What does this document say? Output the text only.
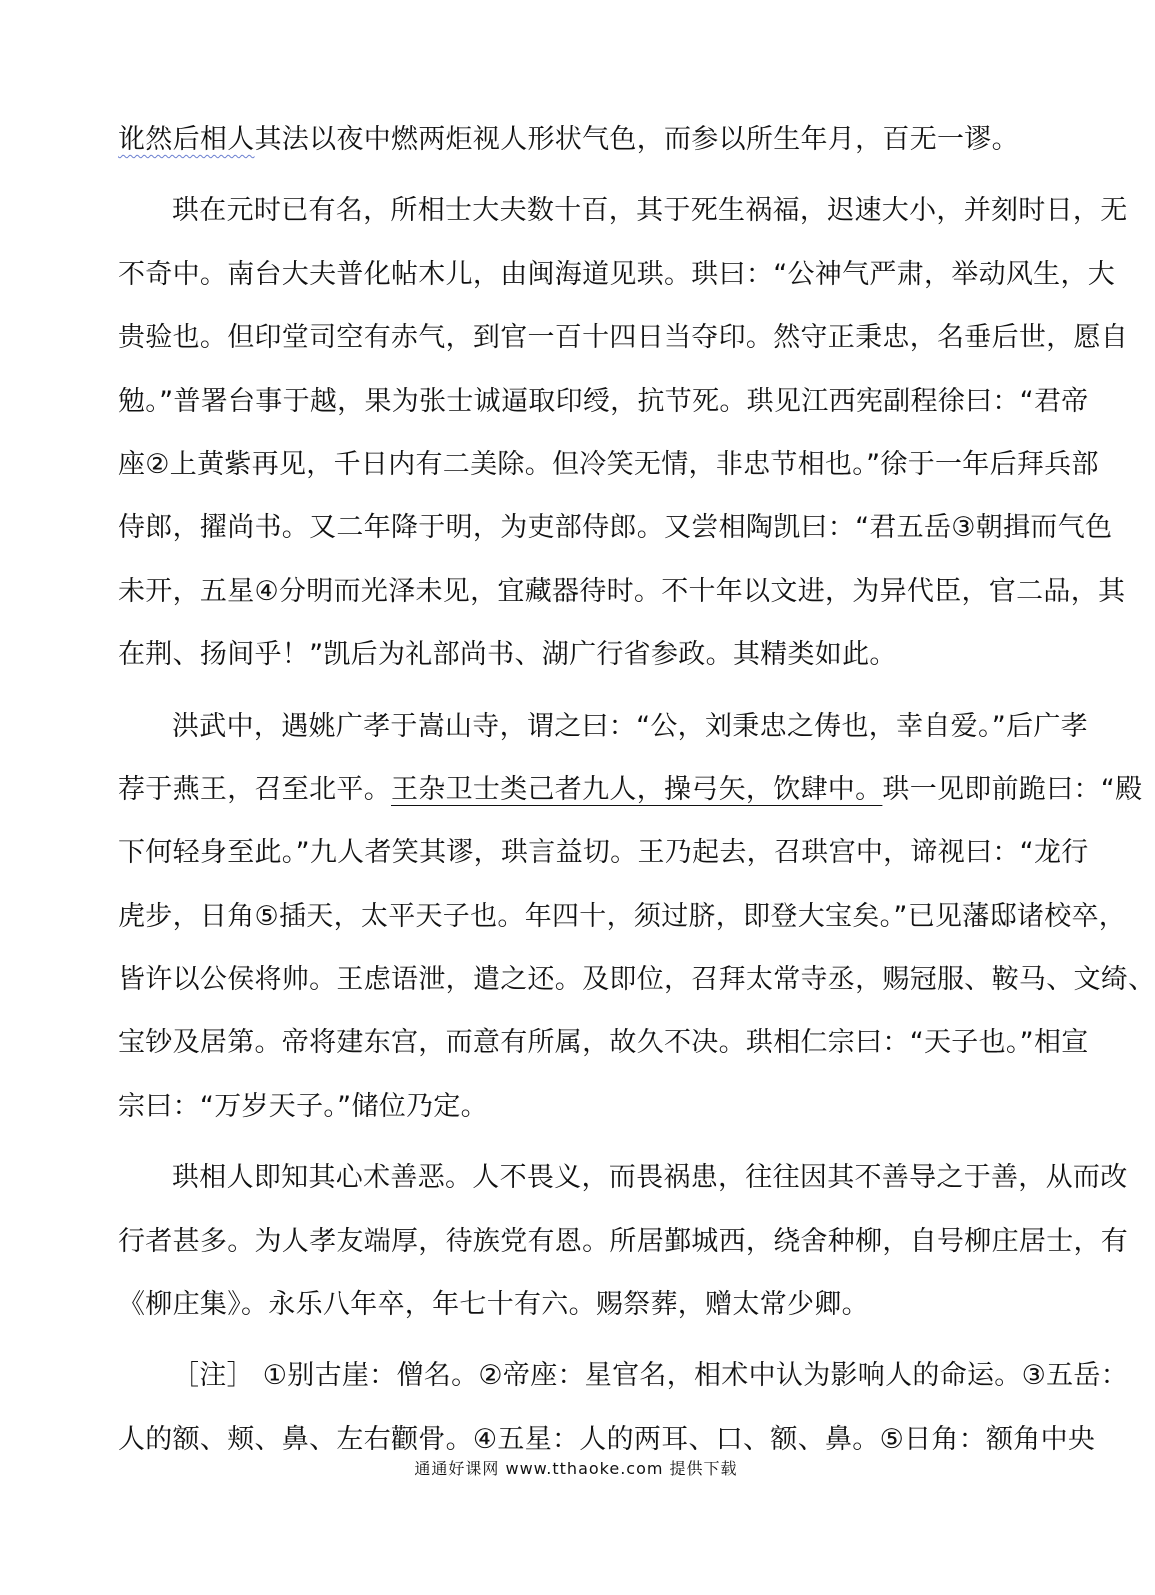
讹然后相人其法以夜中燃两炬视人形状气色，而参以所生年月，百无一谬。
珙在元时已有名，所相士大夫数十百，其于死生祸福，迟速大小，并刻时日，无
不奇中。南台大夫普化帖木儿，由闽海道见珙。珙曰：“公神气严肃，举动风生，大
贵验也。但印堂司空有赤气，到官一百十四日当夺印。然守正秉忠，名垂后世，愿自
勉。”普署台事于越，果为张士诚逼取印绶，抗节死。珙见江西宪副程徐曰：“君帝
座②上黄紫再见，千日内有二美除。但冷笑无情，非忠节相也。”徐于一年后拜兵部
侍郎，擢尚书。又二年降于明，为吏部侍郎。又尝相陶凯曰：“君五岳③朝揖而气色
未开，五星④分明而光泽未见，宜藏器待时。不十年以文进，为异代臣，官二品，其
在荆、扬间乎！”凯后为礼部尚书、湖广行省参政。其精类如此。
洪武中，遇姚广孝于嵩山寺，谓之曰：“公，刘秉忠之俦也，幸自爱。”后广孝
荐于燕王，召至北平。王杂卫士类己者九人，操弓矢，饮肆中。珙一见即前跪曰：“殿
下何轻身至此。”九人者笑其谬，珙言益切。王乃起去，召珙宫中，谛视曰：“龙行
虎步，日角⑤插天，太平天子也。年四十，须过脐，即登大宝矣。”已见藩邸诸校卒，
皆许以公侯将帅。王虑语泄，遣之还。及即位，召拜太常寺丞，赐冠服、鞍马、文绮、
宝钞及居第。帝将建东宫，而意有所属，故久不决。珙相仁宗曰：“天子也。”相宣
宗曰：“万岁天子。”储位乃定。
珙相人即知其心术善恶。人不畏义，而畏祸患，往往因其不善导之于善，从而改
行者甚多。为人孝友端厚，待族党有恩。所居鄞城西，绕舍种柳，自号柳庄居士，有
《柳庄集》。永乐八年卒，年七十有六。赐祭葬，赠太常少卿。
［注］ ①别古崖：僧名。②帝座：星官名，相术中认为影响人的命运。③五岳：
人的额、颊、鼻、左右颧骨。④五星：人的两耳、口、额、鼻。⑤日角：额角中央
通通好课网 www.tthaoke.com 提供下载
